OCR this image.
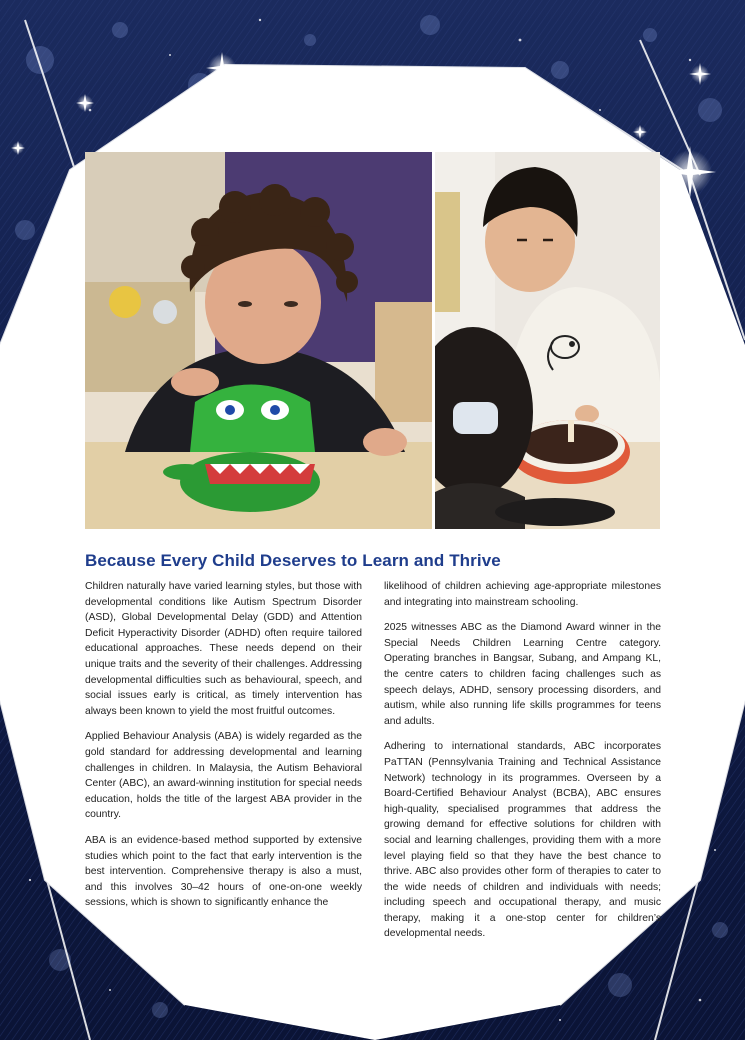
Because Every Child Deserves to Learn and Thrive

Children naturally have varied learning styles, but those with developmental conditions like Autism Spectrum Disorder (ASD), Global Developmental Delay (GDD) and Attention Deficit Hyperactivity Disorder (ADHD) often require tailored educational approaches. These needs depend on their unique traits and the severity of their challenges. Addressing developmental difficulties such as behavioural, speech, and social issues early is critical, as timely intervention has always been known to yield the most fruitful outcomes.

Applied Behaviour Analysis (ABA) is widely regarded as the gold standard for addressing developmental and learning challenges in children. In Malaysia, the Autism Behavioral Center (ABC), an award-winning institution for special needs education, holds the title of the largest ABA provider in the country.

ABA is an evidence-based method supported by extensive studies which point to the fact that early intervention is the best intervention. Comprehensive therapy is also a must, and this involves 30–42 hours of one-on-one weekly sessions, which is shown to significantly enhance the

likelihood of children achieving age-appropriate milestones and integrating into mainstream schooling.

2025 witnesses ABC as the Diamond Award winner in the Special Needs Children Learning Centre category. Operating branches in Bangsar, Subang, and Ampang KL, the centre caters to children facing challenges such as speech delays, ADHD, sensory processing disorders, and autism, while also running life skills programmes for teens and adults.

Adhering to international standards, ABC incorporates PaTTAN (Pennsylvania Training and Technical Assistance Network) technology in its programmes. Overseen by a Board-Certified Behaviour Analyst (BCBA), ABC ensures high-quality, specialised programmes that address the growing demand for effective solutions for children with social and learning challenges, providing them with a more level playing field so that they have the best chance to thrive. ABC also provides other form of therapies to cater to the wide needs of children and individuals with needs; including speech and occupational therapy, and music therapy, making it a one-stop center for children’s developmental needs.
